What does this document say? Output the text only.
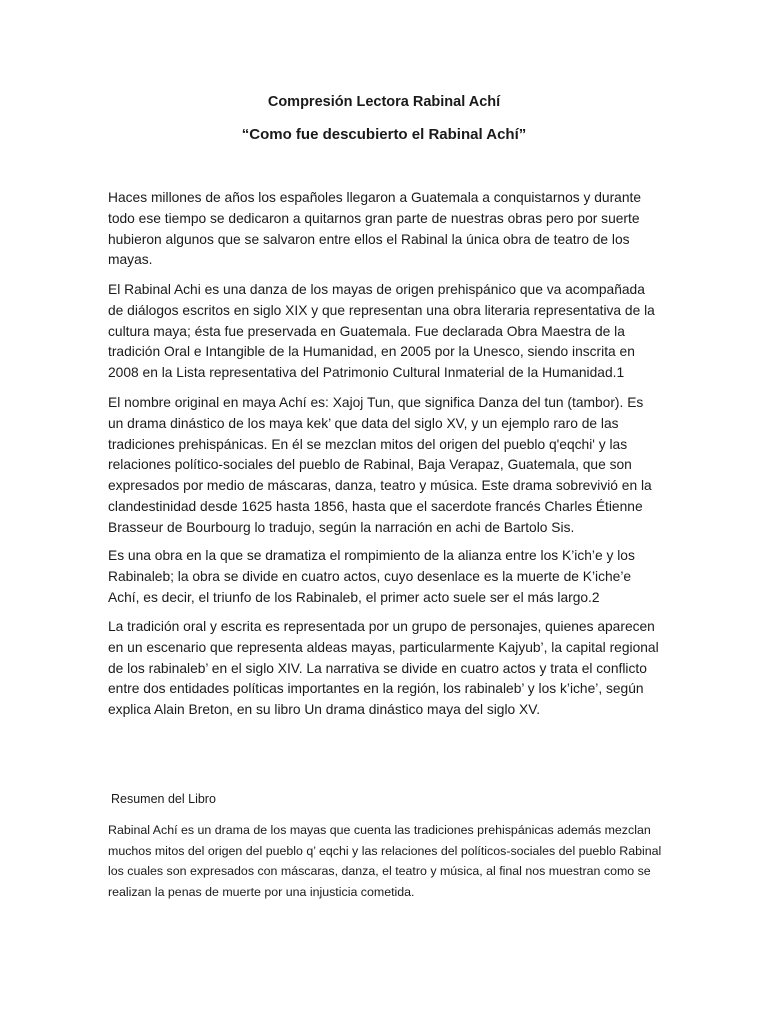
Compresión Lectora Rabinal Achí
“Como fue descubierto el Rabinal Achí”

Haces millones de años los españoles llegaron a Guatemala a conquistarnos y durante todo ese tiempo se dedicaron a quitarnos gran parte de nuestras obras pero por suerte hubieron algunos que se salvaron entre ellos el Rabinal la única obra de teatro de los mayas.

El Rabinal Achi es una danza de los mayas de origen prehispánico que va acompañada de diálogos escritos en siglo XIX y que representan una obra literaria representativa de la cultura maya; ésta fue preservada en Guatemala. Fue declarada Obra Maestra de la tradición Oral e Intangible de la Humanidad, en 2005 por la Unesco, siendo inscrita en 2008 en la Lista representativa del Patrimonio Cultural Inmaterial de la Humanidad.1

El nombre original en maya Achí es: Xajoj Tun, que significa Danza del tun (tambor). Es un drama dinástico de los maya kek’ que data del siglo XV, y un ejemplo raro de las tradiciones prehispánicas. En él se mezclan mitos del origen del pueblo q'eqchi' y las relaciones político-sociales del pueblo de Rabinal, Baja Verapaz, Guatemala, que son expresados por medio de máscaras, danza, teatro y música. Este drama sobrevivió en la clandestinidad desde 1625 hasta 1856, hasta que el sacerdote francés Charles Étienne Brasseur de Bourbourg lo tradujo, según la narración en achi de Bartolo Sis.

Es una obra en la que se dramatiza el rompimiento de la alianza entre los K’ich’e y los Rabinaleb; la obra se divide en cuatro actos, cuyo desenlace es la muerte de K’iche’e Achí, es decir, el triunfo de los Rabinaleb, el primer acto suele ser el más largo.2

La tradición oral y escrita es representada por un grupo de personajes, quienes aparecen en un escenario que representa aldeas mayas, particularmente Kajyub’, la capital regional de los rabinaleb’ en el siglo XIV. La narrativa se divide en cuatro actos y trata el conflicto entre dos entidades políticas importantes en la región, los rabinaleb’ y los k’iche’, según explica Alain Breton, en su libro Un drama dinástico maya del siglo XV.

Resumen del Libro

Rabinal Achí es un drama de los mayas que cuenta las tradiciones prehispánicas además mezclan muchos mitos del origen del pueblo q’ eqchi y las relaciones del políticos-sociales del pueblo Rabinal los cuales son expresados con máscaras, danza, el teatro y música, al final nos muestran como se realizan la penas de muerte por una injusticia cometida.
